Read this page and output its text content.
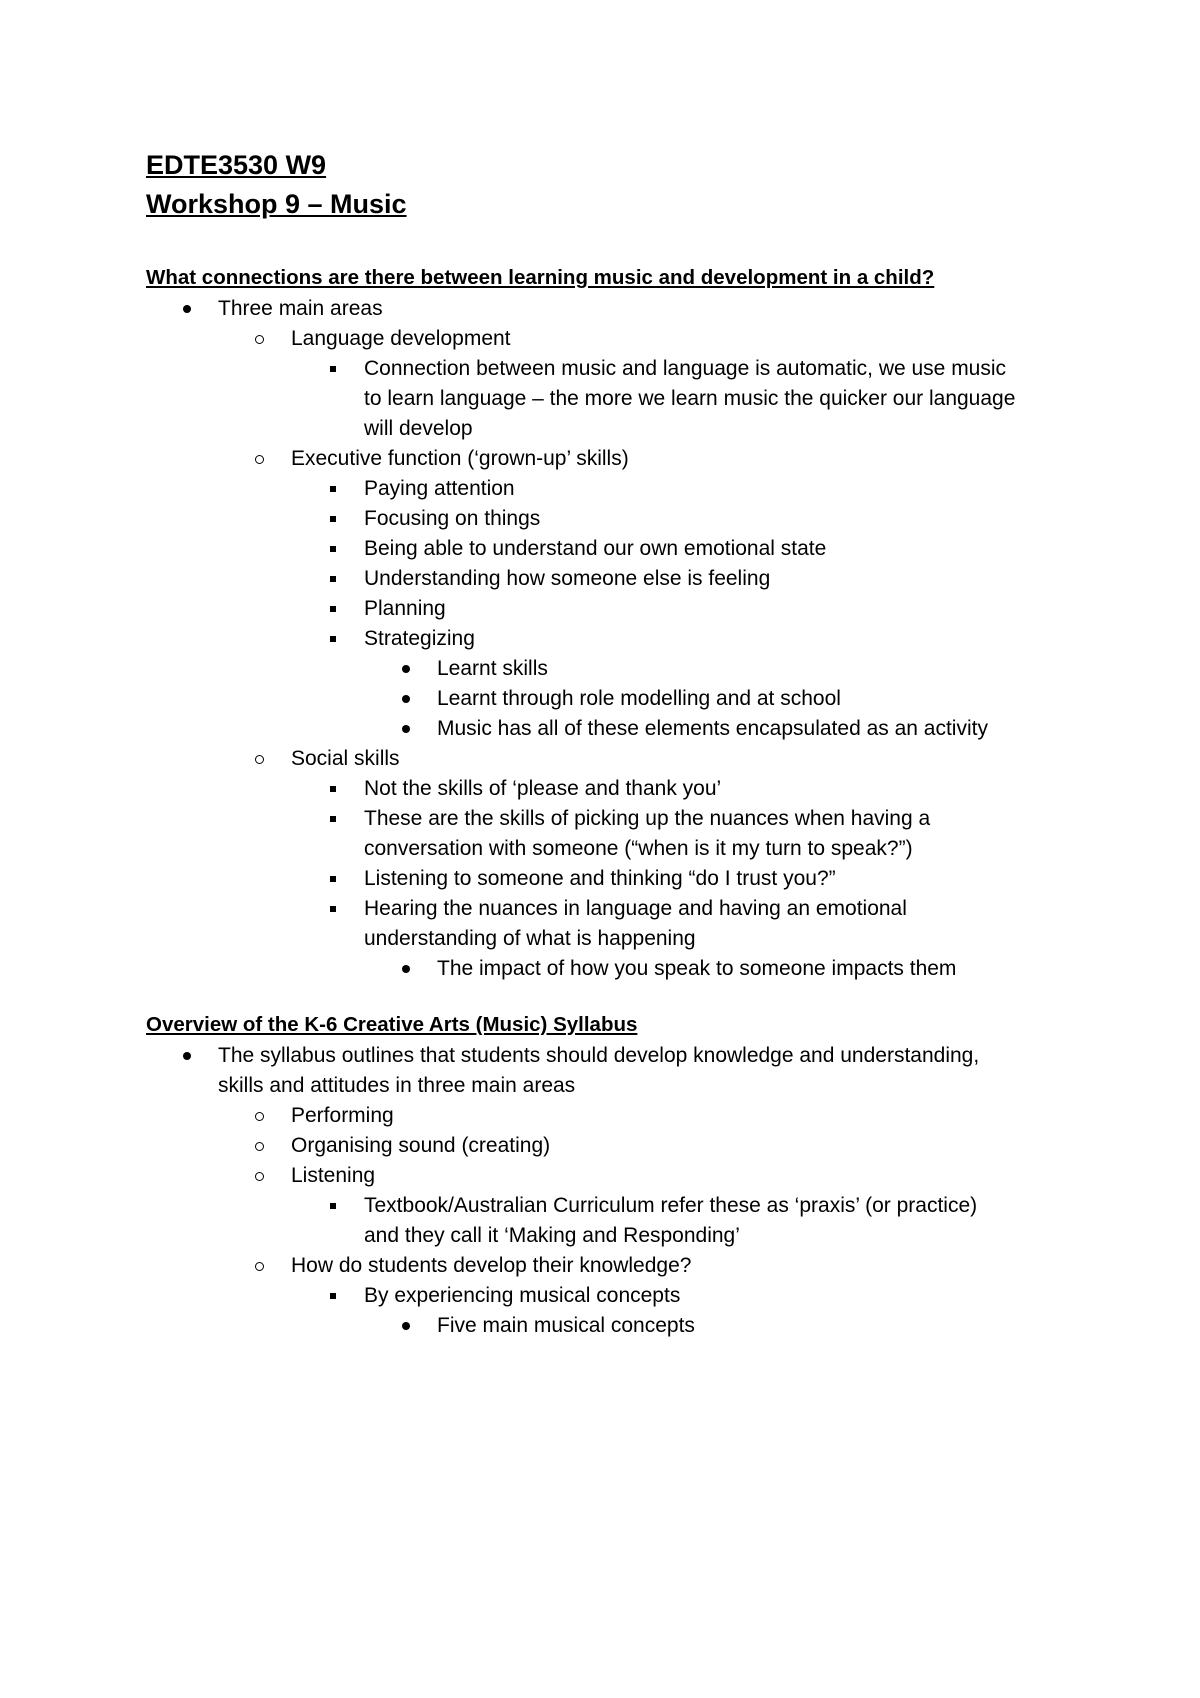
EDTE3530 W9
Workshop 9 – Music
What connections are there between learning music and development in a child?
Three main areas
Language development
Connection between music and language is automatic, we use music
to learn language – the more we learn music the quicker our language
will develop
Executive function (‘grown-up’ skills)
Paying attention
Focusing on things
Being able to understand our own emotional state
Understanding how someone else is feeling
Planning
Strategizing
Learnt skills
Learnt through role modelling and at school
Music has all of these elements encapsulated as an activity
Social skills
Not the skills of ‘please and thank you’
These are the skills of picking up the nuances when having a
conversation with someone (“when is it my turn to speak?”)
Listening to someone and thinking “do I trust you?”
Hearing the nuances in language and having an emotional
understanding of what is happening
The impact of how you speak to someone impacts them
Overview of the K-6 Creative Arts (Music) Syllabus
The syllabus outlines that students should develop knowledge and understanding,
skills and attitudes in three main areas
Performing
Organising sound (creating)
Listening
Textbook/Australian Curriculum refer these as ‘praxis’ (or practice)
and they call it ‘Making and Responding’
How do students develop their knowledge?
By experiencing musical concepts
Five main musical concepts
